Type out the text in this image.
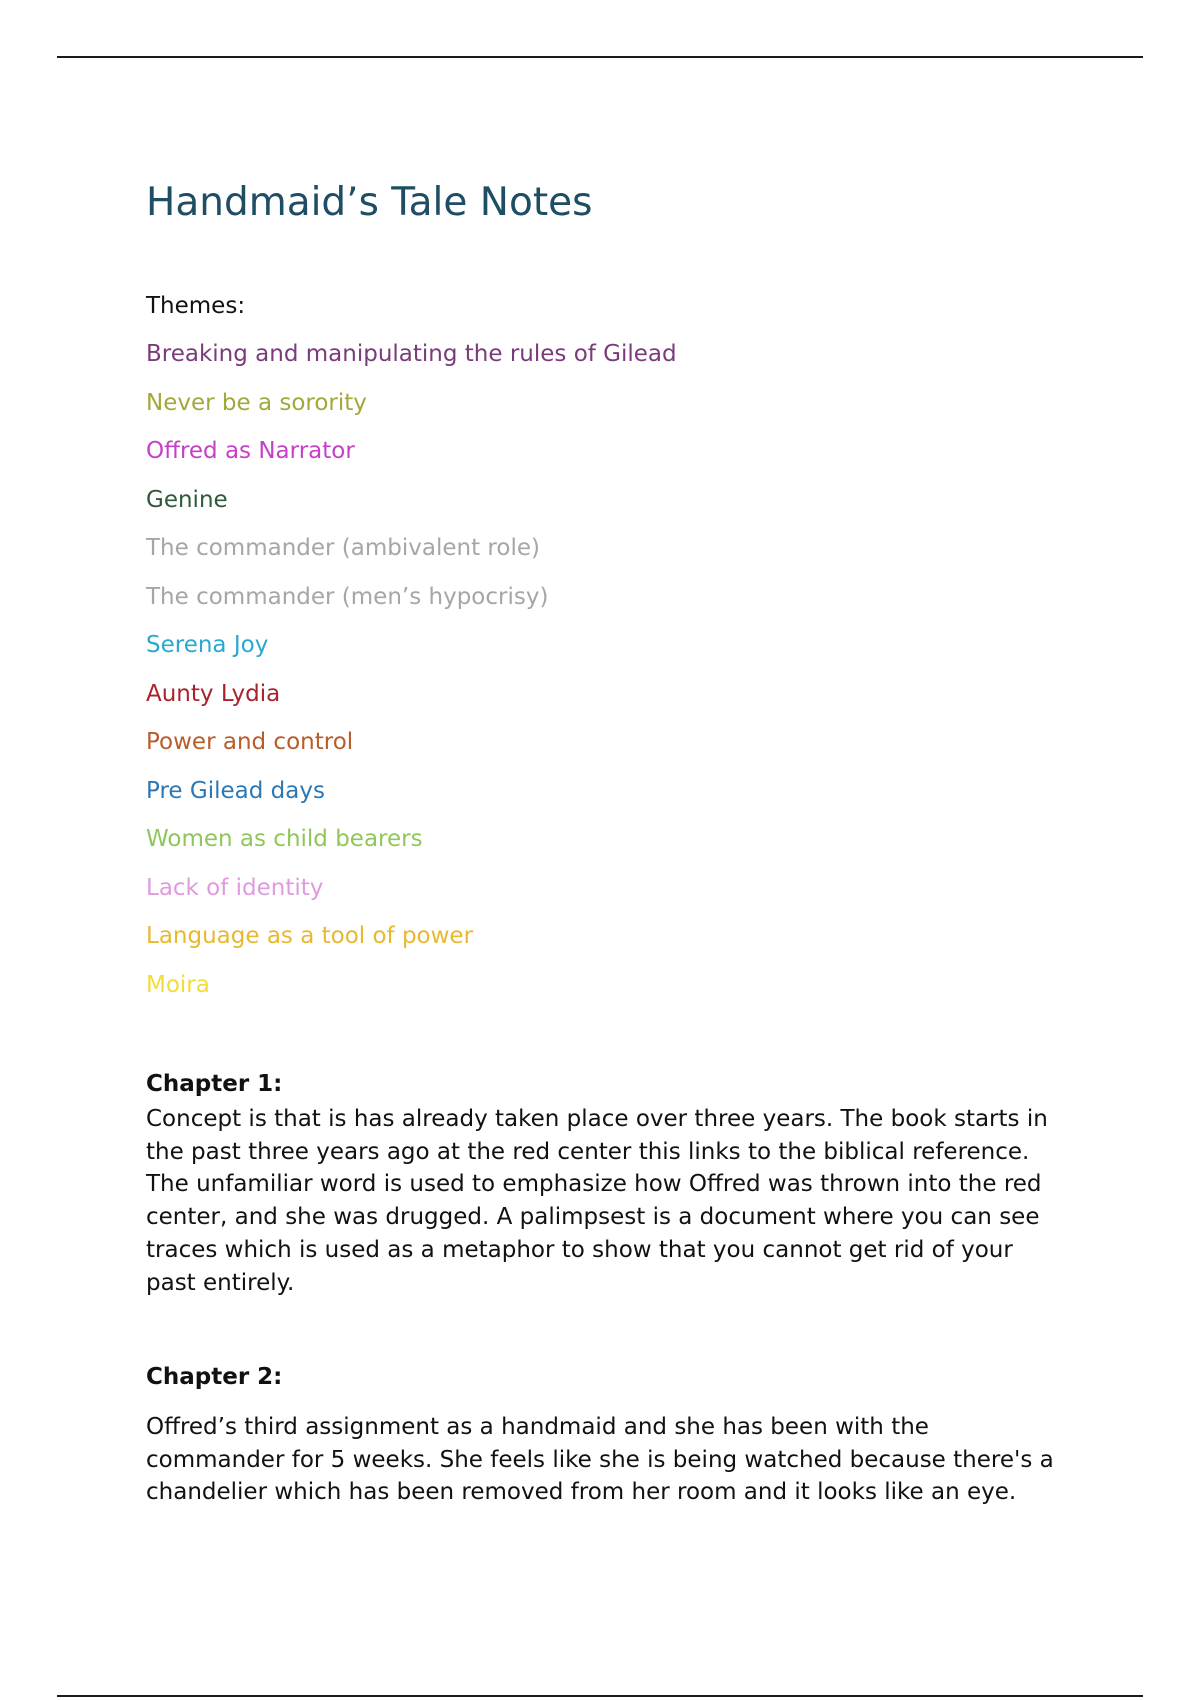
Handmaid’s Tale Notes
Themes:
Breaking and manipulating the rules of Gilead
Never be a sorority
Offred as Narrator
Genine
The commander (ambivalent role)
The commander (men’s hypocrisy)
Serena Joy
Aunty Lydia
Power and control
Pre Gilead days
Women as child bearers
Lack of identity
Language as a tool of power
Moira
Chapter 1:

Concept is that is has already taken place over three years. The book starts in the past three years ago at the red center this links to the biblical reference. The unfamiliar word is used to emphasize how Offred was thrown into the red center, and she was drugged. A palimpsest is a document where you can see traces which is used as a metaphor to show that you cannot get rid of your past entirely.

Chapter 2:

Offred’s third assignment as a handmaid and she has been with the commander for 5 weeks. She feels like she is being watched because there's a chandelier which has been removed from her room and it looks like an eye.
